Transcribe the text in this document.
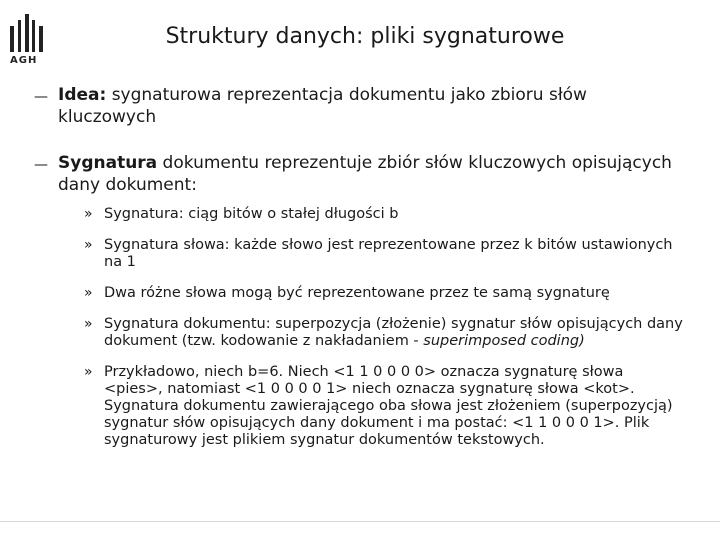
AGH
Struktury danych: pliki sygnaturowe
— Idea: sygnaturowa reprezentacja dokumentu jako zbioru słów kluczowych
— Sygnatura dokumentu reprezentuje zbiór słów kluczowych opisujących dany dokument:
» Sygnatura: ciąg bitów o stałej długości b
» Sygnatura słowa: każde słowo jest reprezentowane przez k bitów ustawionych na 1
» Dwa różne słowa mogą być reprezentowane przez te samą sygnaturę
» Sygnatura dokumentu: superpozycja (złożenie) sygnatur słów opisujących dany dokument (tzw. kodowanie z nakładaniem - superimposed coding)
» Przykładowo, niech b=6. Niech <1 1 0 0 0 0> oznacza sygnaturę słowa <pies>, natomiast <1 0 0 0 0 1> niech oznacza sygnaturę słowa <kot>. Sygnatura dokumentu zawierającego oba słowa jest złożeniem (superpozycją) sygnatur słów opisujących dany dokument i ma postać: <1 1 0 0 0 1>. Plik sygnaturowy jest plikiem sygnatur dokumentów tekstowych.
